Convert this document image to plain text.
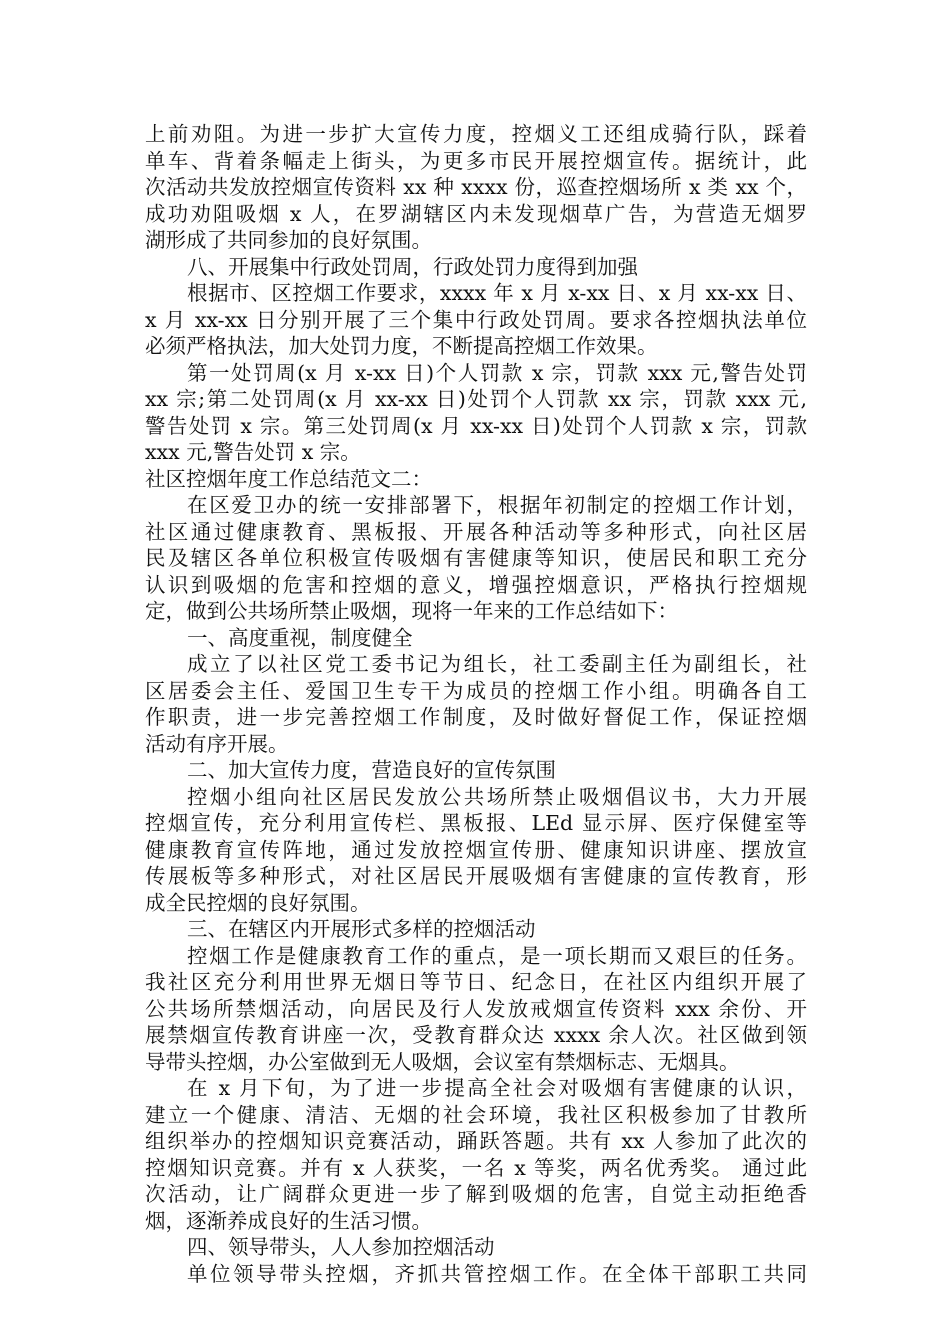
上前劝阻。为进一步扩大宣传力度，控烟义工还组成骑行队，踩着
单车、背着条幅走上街头，为更多市民开展控烟宣传。据统计，此
次活动共发放控烟宣传资料 xx 种 xxxx 份，巡查控烟场所 x 类 xx 个，
成功劝阻吸烟 x 人，在罗湖辖区内未发现烟草广告，为营造无烟罗
湖形成了共同参加的良好氛围。
八、开展集中行政处罚周，行政处罚力度得到加强
根据市、区控烟工作要求，xxxx 年 x 月 x-xx 日、x 月 xx-xx 日、
x 月 xx-xx 日分别开展了三个集中行政处罚周。要求各控烟执法单位
必须严格执法，加大处罚力度，不断提高控烟工作效果。
第一处罚周(x 月 x-xx 日)个人罚款 x 宗，罚款 xxx 元,警告处罚
xx 宗;第二处罚周(x 月 xx-xx 日)处罚个人罚款 xx 宗，罚款 xxx 元,
警告处罚 x 宗。第三处罚周(x 月 xx-xx 日)处罚个人罚款 x 宗，罚款
xxx 元,警告处罚 x 宗。
社区控烟年度工作总结范文二：
在区爱卫办的统一安排部署下，根据年初制定的控烟工作计划，
社区通过健康教育、黑板报、开展各种活动等多种形式，向社区居
民及辖区各单位积极宣传吸烟有害健康等知识，使居民和职工充分
认识到吸烟的危害和控烟的意义，增强控烟意识，严格执行控烟规
定，做到公共场所禁止吸烟，现将一年来的工作总结如下：
一、高度重视，制度健全
成立了以社区党工委书记为组长，社工委副主任为副组长，社
区居委会主任、爱国卫生专干为成员的控烟工作小组。明确各自工
作职责，进一步完善控烟工作制度，及时做好督促工作，保证控烟
活动有序开展。
二、加大宣传力度，营造良好的宣传氛围
控烟小组向社区居民发放公共场所禁止吸烟倡议书，大力开展
控烟宣传，充分利用宣传栏、黑板报、LEd 显示屏、医疗保健室等
健康教育宣传阵地，通过发放控烟宣传册、健康知识讲座、摆放宣
传展板等多种形式，对社区居民开展吸烟有害健康的宣传教育，形
成全民控烟的良好氛围。
三、在辖区内开展形式多样的控烟活动
控烟工作是健康教育工作的重点，是一项长期而又艰巨的任务。
我社区充分利用世界无烟日等节日、纪念日，在社区内组织开展了
公共场所禁烟活动，向居民及行人发放戒烟宣传资料 xxx 余份、开
展禁烟宣传教育讲座一次，受教育群众达 xxxx 余人次。社区做到领
导带头控烟，办公室做到无人吸烟，会议室有禁烟标志、无烟具。
在 x 月下旬，为了进一步提高全社会对吸烟有害健康的认识，
建立一个健康、清洁、无烟的社会环境，我社区积极参加了甘教所
组织举办的控烟知识竞赛活动，踊跃答题。共有 xx 人参加了此次的
控烟知识竞赛。并有 x 人获奖，一名 x 等奖，两名优秀奖。 通过此
次活动，让广阔群众更进一步了解到吸烟的危害，自觉主动拒绝香
烟，逐渐养成良好的生活习惯。
四、领导带头，人人参加控烟活动
单位领导带头控烟，齐抓共管控烟工作。在全体干部职工共同
